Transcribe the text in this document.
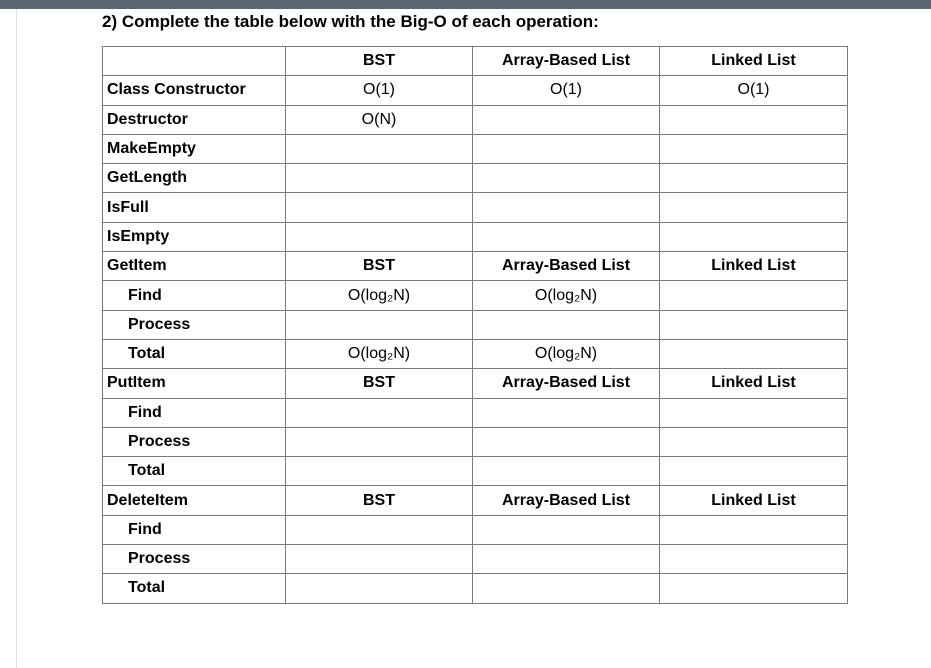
2) Complete the table below with the Big-O of each operation:
	BST	Array-Based List	Linked List
Class Constructor	O(1)	O(1)	O(1)
Destructor	O(N)		
MakeEmpty			
GetLength			
IsFull			
IsEmpty			
GetItem	BST	Array-Based List	Linked List
Find	O(log₂N)	O(log₂N)	
Process			
Total	O(log₂N)	O(log₂N)	
PutItem	BST	Array-Based List	Linked List
Find			
Process			
Total			
DeleteItem	BST	Array-Based List	Linked List
Find			
Process			
Total			
